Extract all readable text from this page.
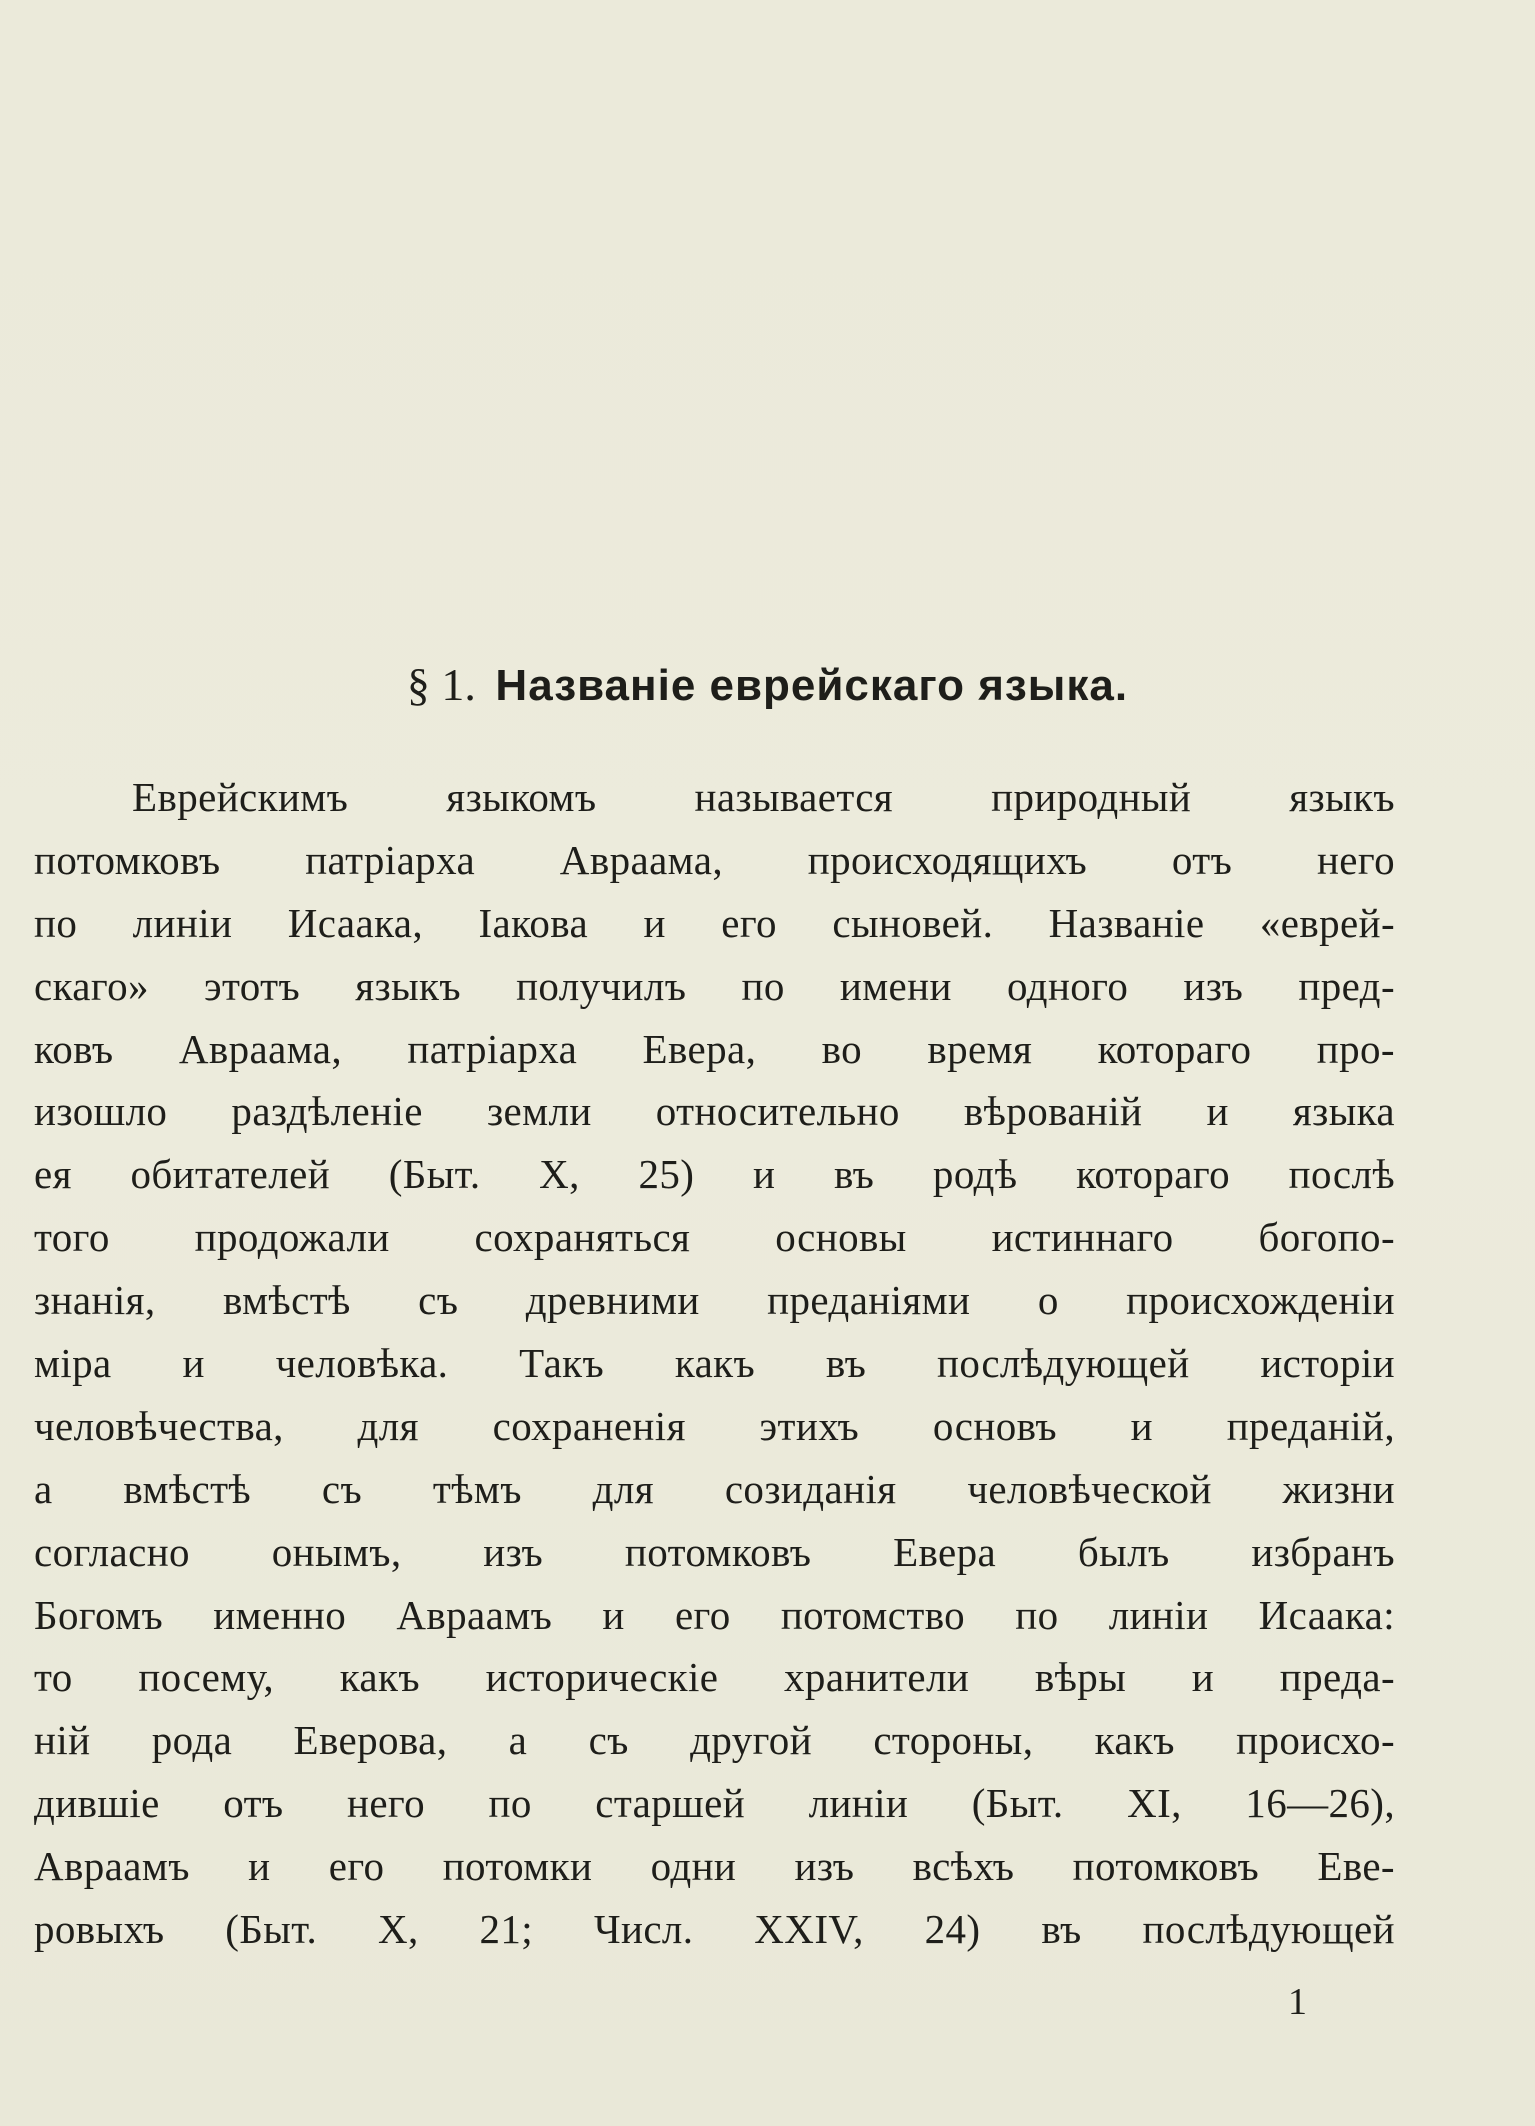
§ 1. Названіе еврейскаго языка.
Еврейскимъ языкомъ называется природный языкъ
потомковъ патріарха Авраама, происходящихъ отъ него
по линіи Исаака, Іакова и его сыновей. Названіе «еврей-
скаго» этотъ языкъ получилъ по имени одного изъ пред-
ковъ Авраама, патріарха Евера, во время котораго про-
изошло раздѣленіе земли относительно вѣрованій и языка
ея обитателей (Быт. X, 25) и въ родѣ котораго послѣ
того продожали сохраняться основы истиннаго богопо-
знанія, вмѣстѣ съ древними преданіями о происхожденіи
міра и человѣка. Такъ какъ въ послѣдующей исторіи
человѣчества, для сохраненія этихъ основъ и преданій,
а вмѣстѣ съ тѣмъ для созиданія человѣческой жизни
согласно онымъ, изъ потомковъ Евера былъ избранъ
Богомъ именно Авраамъ и его потомство по линіи Исаака:
то посему, какъ историческіе хранители вѣры и преда-
ній рода Еверова, а съ другой стороны, какъ происхо-
дившіе отъ него по старшей линіи (Быт. XI, 16—26),
Авраамъ и его потомки одни изъ всѣхъ потомковъ Еве-
ровыхъ (Быт. X, 21; Числ. XXIV, 24) въ послѣдующей
1
